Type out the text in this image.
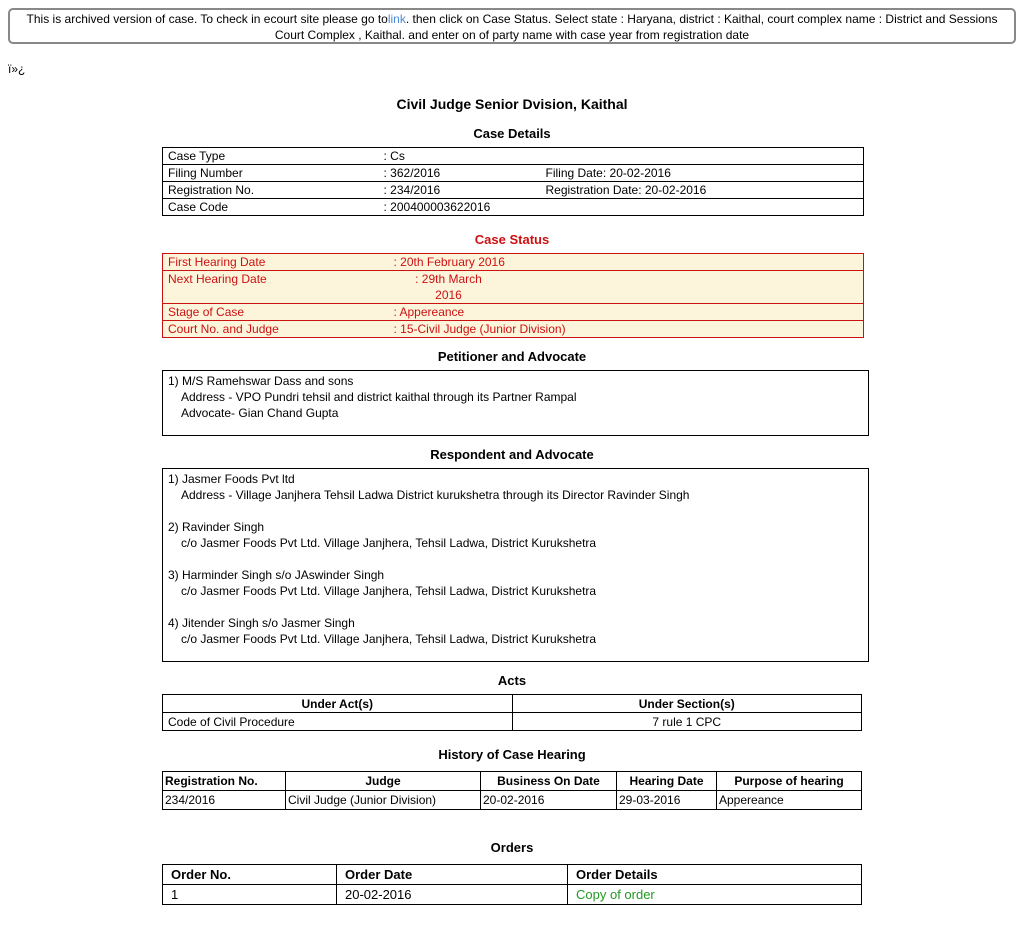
This is archived version of case. To check in ecourt site please go tolink. then click on Case Status. Select state : Haryana, district : Kaithal, court complex name : District and Sessions Court Complex , Kaithal. and enter on of party name with case year from registration date
ï»¿
Civil Judge Senior Dvision, Kaithal
Case Details
Case Type	: Cs	
Filing Number	: 362/2016	Filing Date: 20-02-2016
Registration No.	: 234/2016	Registration Date: 20-02-2016
Case Code	: 200400003622016	
Case Status
First Hearing Date	: 20th February 2016
Next Hearing Date	: 29th March
2016
Stage of Case	: Appereance
Court No. and Judge	: 15-Civil Judge (Junior Division)
Petitioner and Advocate
1) M/S Ramehswar Dass and sons
Address - VPO Pundri tehsil and district kaithal through its Partner Rampal
Advocate- Gian Chand Gupta
Respondent and Advocate
1) Jasmer Foods Pvt ltd
Address - Village Janjhera Tehsil Ladwa District kurukshetra through its Director Ravinder Singh
2) Ravinder Singh
c/o Jasmer Foods Pvt Ltd. Village Janjhera, Tehsil Ladwa, District Kurukshetra
3) Harminder Singh s/o JAswinder Singh
c/o Jasmer Foods Pvt Ltd. Village Janjhera, Tehsil Ladwa, District Kurukshetra
4) Jitender Singh s/o Jasmer Singh
c/o Jasmer Foods Pvt Ltd. Village Janjhera, Tehsil Ladwa, District Kurukshetra
Acts
Under Act(s)	Under Section(s)
Code of Civil Procedure	7 rule 1 CPC
History of Case Hearing
Registration No.	Judge	Business On Date	Hearing Date	Purpose of hearing
234/2016	Civil Judge (Junior Division)	20-02-2016	29-03-2016	Appereance
Orders
Order No.	Order Date	Order Details
1	20-02-2016	Copy of order
